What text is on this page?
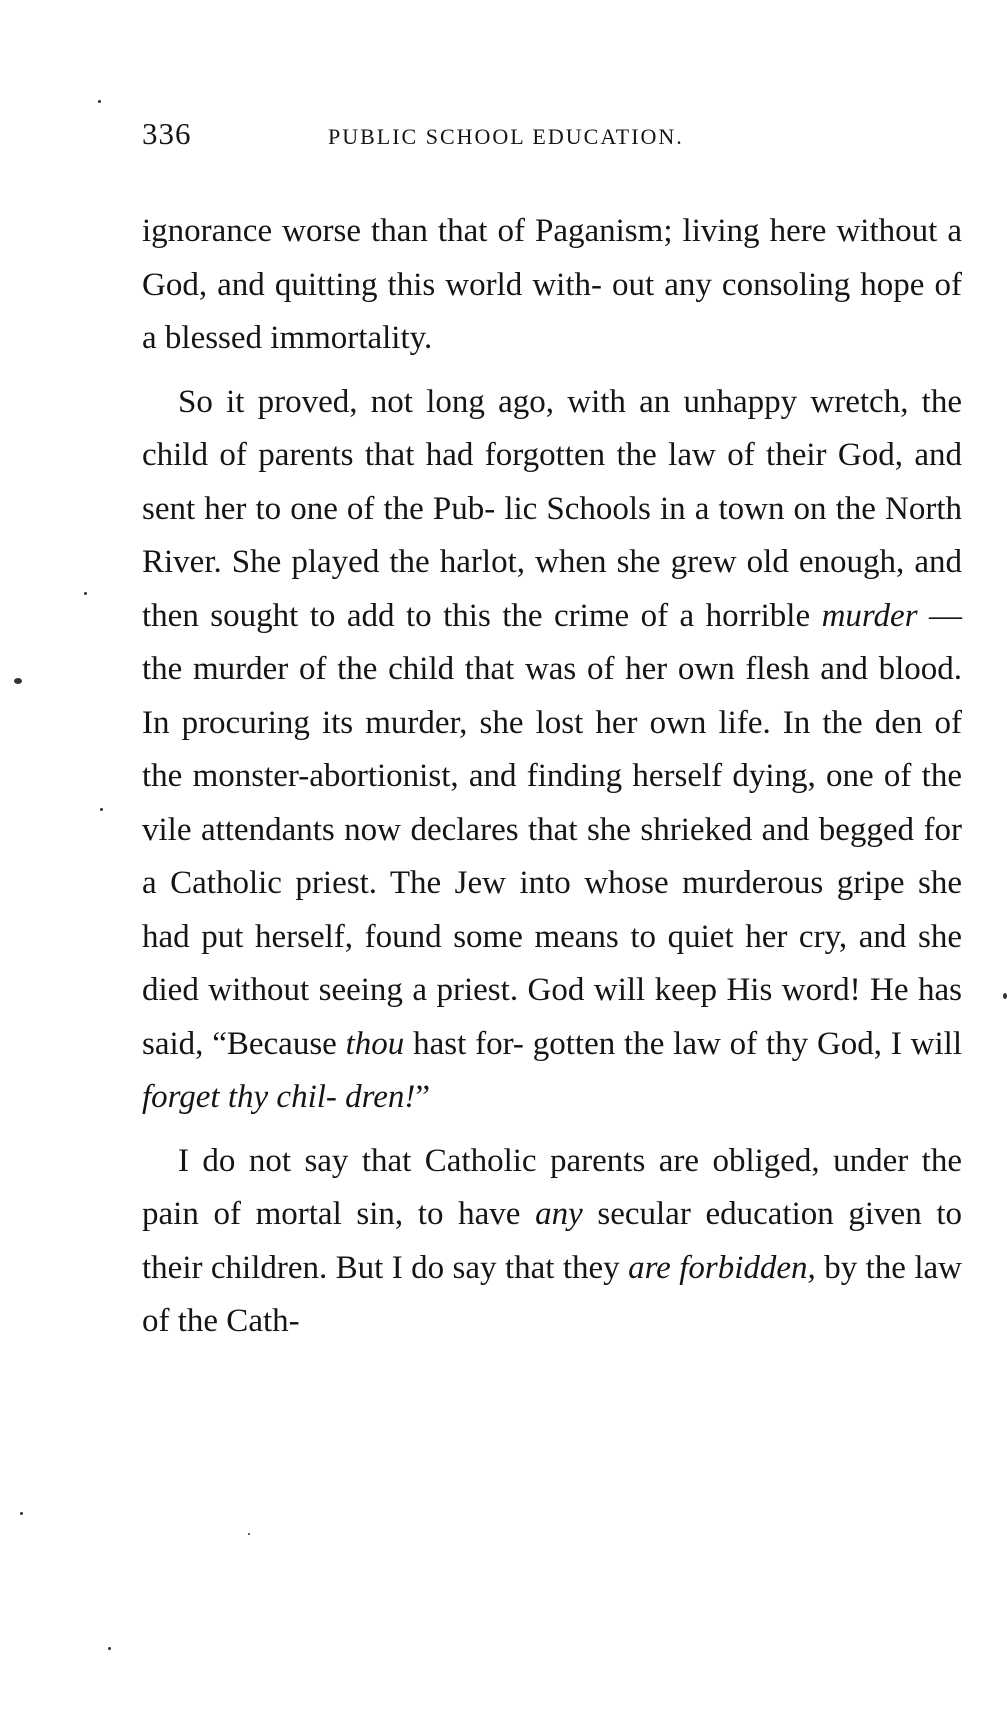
336	PUBLIC SCHOOL EDUCATION.

ignorance worse than that of Paganism; living here without a God, and quitting this world with- out any consoling hope of a blessed immortality.

So it proved, not long ago, with an unhappy wretch, the child of parents that had forgotten the law of their God, and sent her to one of the Pub- lic Schools in a town on the North River. She played the harlot, when she grew old enough, and then sought to add to this the crime of a horrible murder — the murder of the child that was of her own flesh and blood. In procuring its murder, she lost her own life. In the den of the monster-abortionist, and finding herself dying, one of the vile attendants now declares that she shrieked and begged for a Catholic priest. The Jew into whose murderous gripe she had put herself, found some means to quiet her cry, and she died without seeing a priest. God will keep His word! He has said, “Because thou hast for- gotten the law of thy God, I will forget thy chil- dren!”

I do not say that Catholic parents are obliged, under the pain of mortal sin, to have any secular education given to their children. But I do say that they are forbidden, by the law of the Cath-
